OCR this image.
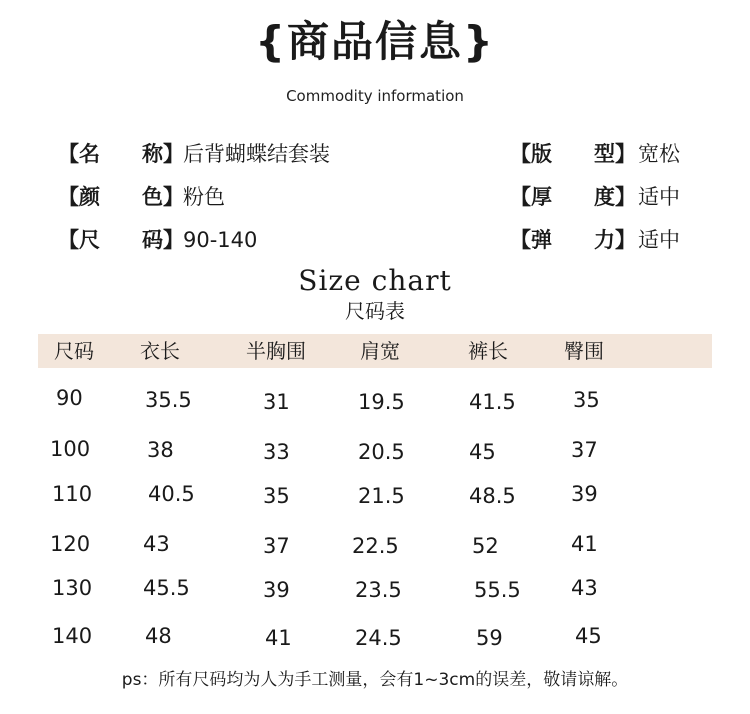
{商品信息}
Commodity information
【名　　称】后背蝴蝶结套装
【颜　　色】粉色
【尺　　码】90-140
【版　　型】宽松
【厚　　度】适中
【弹　　力】适中
Size chart
尺码表
尺码 衣长	半胸围	肩宽	裤长	臀围
90	35.5	31	19.5	41.5	35
100	38	33	20.5	45	37
110	40.5	35	21.5	48.5	39
120	43	37	22.5	52	41
130 45.5	39	23.5	55.5 43
140	48	41	24.5	59	45
ps：所有尺码均为人为手工测量，会有1~3cm的误差，敬请谅解。
